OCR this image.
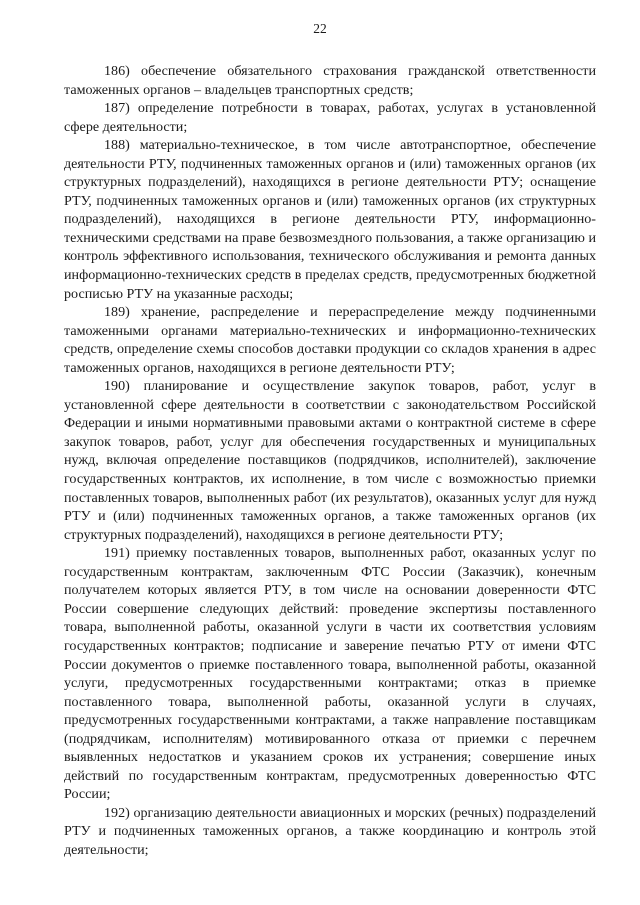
22

186) обеспечение обязательного страхования гражданской ответственности таможенных органов – владельцев транспортных средств;

187) определение потребности в товарах, работах, услугах в установленной сфере деятельности;

188) материально-техническое, в том числе автотранспортное, обеспечение деятельности РТУ, подчиненных таможенных органов и (или) таможенных органов (их структурных подразделений), находящихся в регионе деятельности РТУ; оснащение РТУ, подчиненных таможенных органов и (или) таможенных органов (их структурных подразделений), находящихся в регионе деятельности РТУ, информационно-техническими средствами на праве безвозмездного пользования, а также организацию и контроль эффективного использования, технического обслуживания и ремонта данных информационно-технических средств в пределах средств, предусмотренных бюджетной росписью РТУ на указанные расходы;

189) хранение, распределение и перераспределение между подчиненными таможенными органами материально-технических и информационно-технических средств, определение схемы способов доставки продукции со складов хранения в адрес таможенных органов, находящихся в регионе деятельности РТУ;

190) планирование и осуществление закупок товаров, работ, услуг в установленной сфере деятельности в соответствии с законодательством Российской Федерации и иными нормативными правовыми актами о контрактной системе в сфере закупок товаров, работ, услуг для обеспечения государственных и муниципальных нужд, включая определение поставщиков (подрядчиков, исполнителей), заключение государственных контрактов, их исполнение, в том числе с возможностью приемки поставленных товаров, выполненных работ (их результатов), оказанных услуг для нужд РТУ и (или) подчиненных таможенных органов, а также таможенных органов (их структурных подразделений), находящихся в регионе деятельности РТУ;

191) приемку поставленных товаров, выполненных работ, оказанных услуг по государственным контрактам, заключенным ФТС России (Заказчик), конечным получателем которых является РТУ, в том числе на основании доверенности ФТС России совершение следующих действий: проведение экспертизы поставленного товара, выполненной работы, оказанной услуги в части их соответствия условиям государственных контрактов; подписание и заверение печатью РТУ от имени ФТС России документов о приемке поставленного товара, выполненной работы, оказанной услуги, предусмотренных государственными контрактами; отказ в приемке поставленного товара, выполненной работы, оказанной услуги в случаях, предусмотренных государственными контрактами, а также направление поставщикам (подрядчикам, исполнителям) мотивированного отказа от приемки с перечнем выявленных недостатков и указанием сроков их устранения; совершение иных действий по государственным контрактам, предусмотренных доверенностью ФТС России;

192) организацию деятельности авиационных и морских (речных) подразделений РТУ и подчиненных таможенных органов, а также координацию и контроль этой деятельности;
